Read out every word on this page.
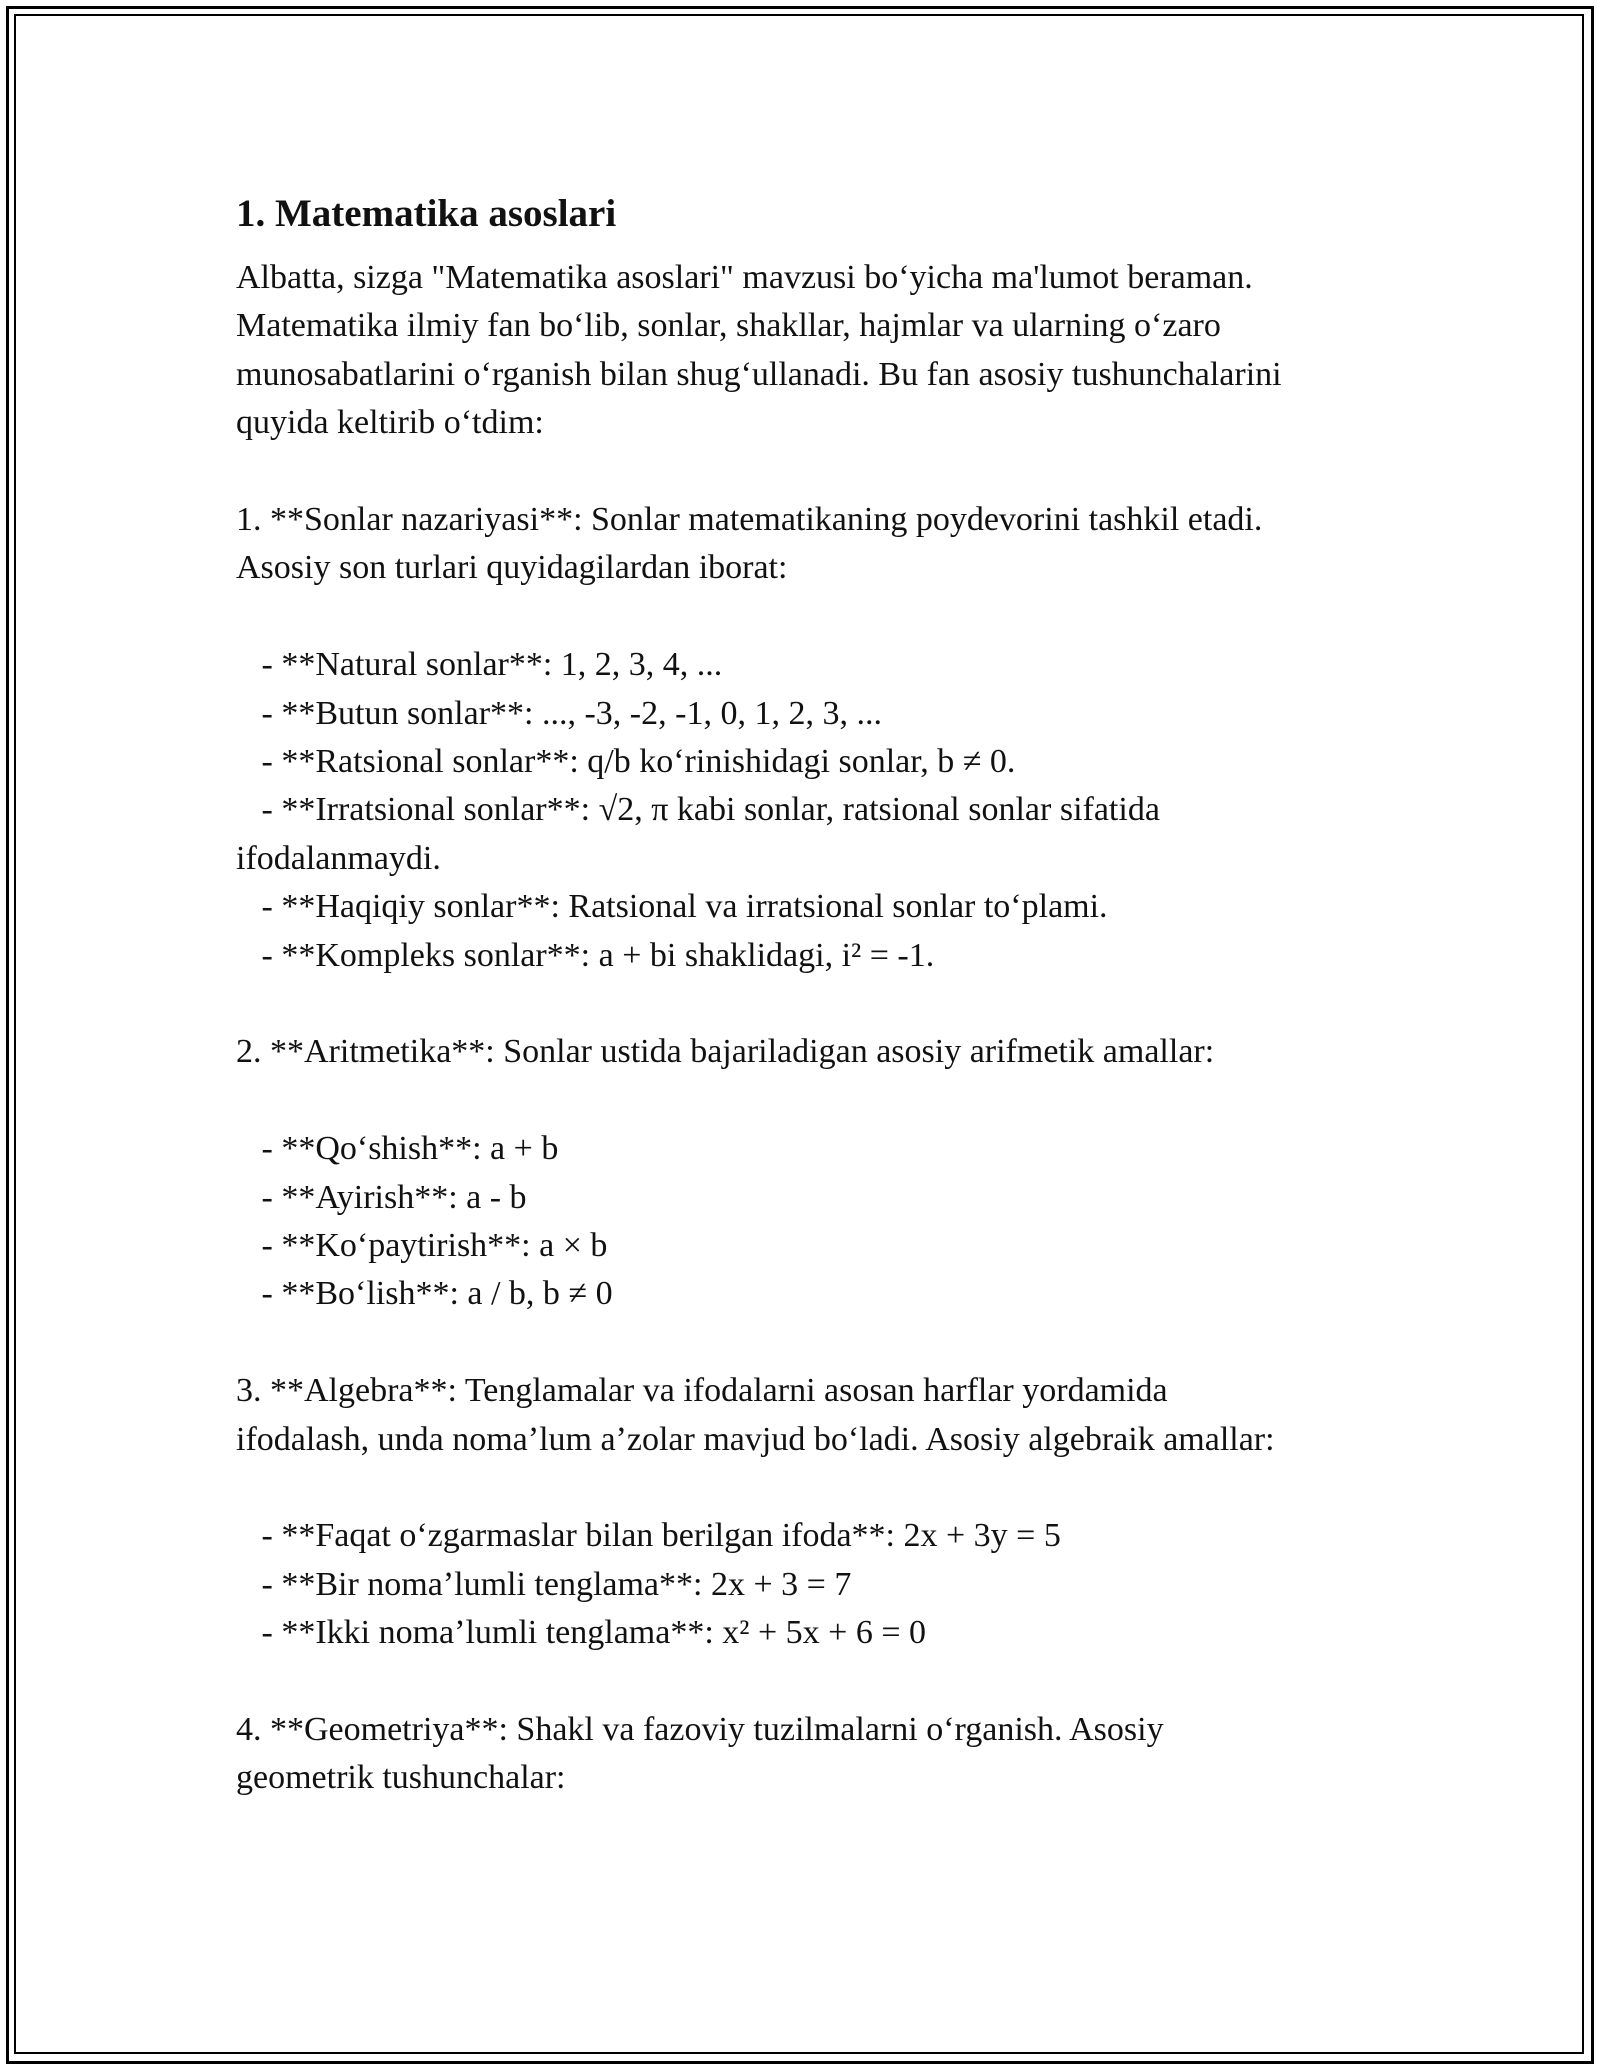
1. Matematika asoslari

Albatta, sizga "Matematika asoslari" mavzusi boʻyicha ma'lumot beraman.

Matematika ilmiy fan boʻlib, sonlar, shakllar, hajmlar va ularning oʻzaro

munosabatlarini oʻrganish bilan shugʻullanadi. Bu fan asosiy tushunchalarini

quyida keltirib oʻtdim:

1. **Sonlar nazariyasi**: Sonlar matematikaning poydevorini tashkil etadi.

Asosiy son turlari quyidagilardan iborat:

- **Natural sonlar**: 1, 2, 3, 4, ...

- **Butun sonlar**: ..., -3, -2, -1, 0, 1, 2, 3, ...

- **Ratsional sonlar**: q/b koʻrinishidagi sonlar, b ≠ 0.

- **Irratsional sonlar**: √2, π kabi sonlar, ratsional sonlar sifatida

ifodalanmaydi.

- **Haqiqiy sonlar**: Ratsional va irratsional sonlar toʻplami.

- **Kompleks sonlar**: a + bi shaklidagi, i² = -1.

2. **Aritmetika**: Sonlar ustida bajariladigan asosiy arifmetik amallar:

- **Qoʻshish**: a + b

- **Ayirish**: a - b

- **Koʻpaytirish**: a × b

- **Boʻlish**: a / b, b ≠ 0

3. **Algebra**: Tenglamalar va ifodalarni asosan harflar yordamida

ifodalash, unda nomaʼlum aʼzolar mavjud boʻladi. Asosiy algebraik amallar:

- **Faqat oʻzgarmaslar bilan berilgan ifoda**: 2x + 3y = 5

- **Bir nomaʼlumli tenglama**: 2x + 3 = 7

- **Ikki nomaʼlumli tenglama**: x² + 5x + 6 = 0

4. **Geometriya**: Shakl va fazoviy tuzilmalarni oʻrganish. Asosiy

geometrik tushunchalar:
